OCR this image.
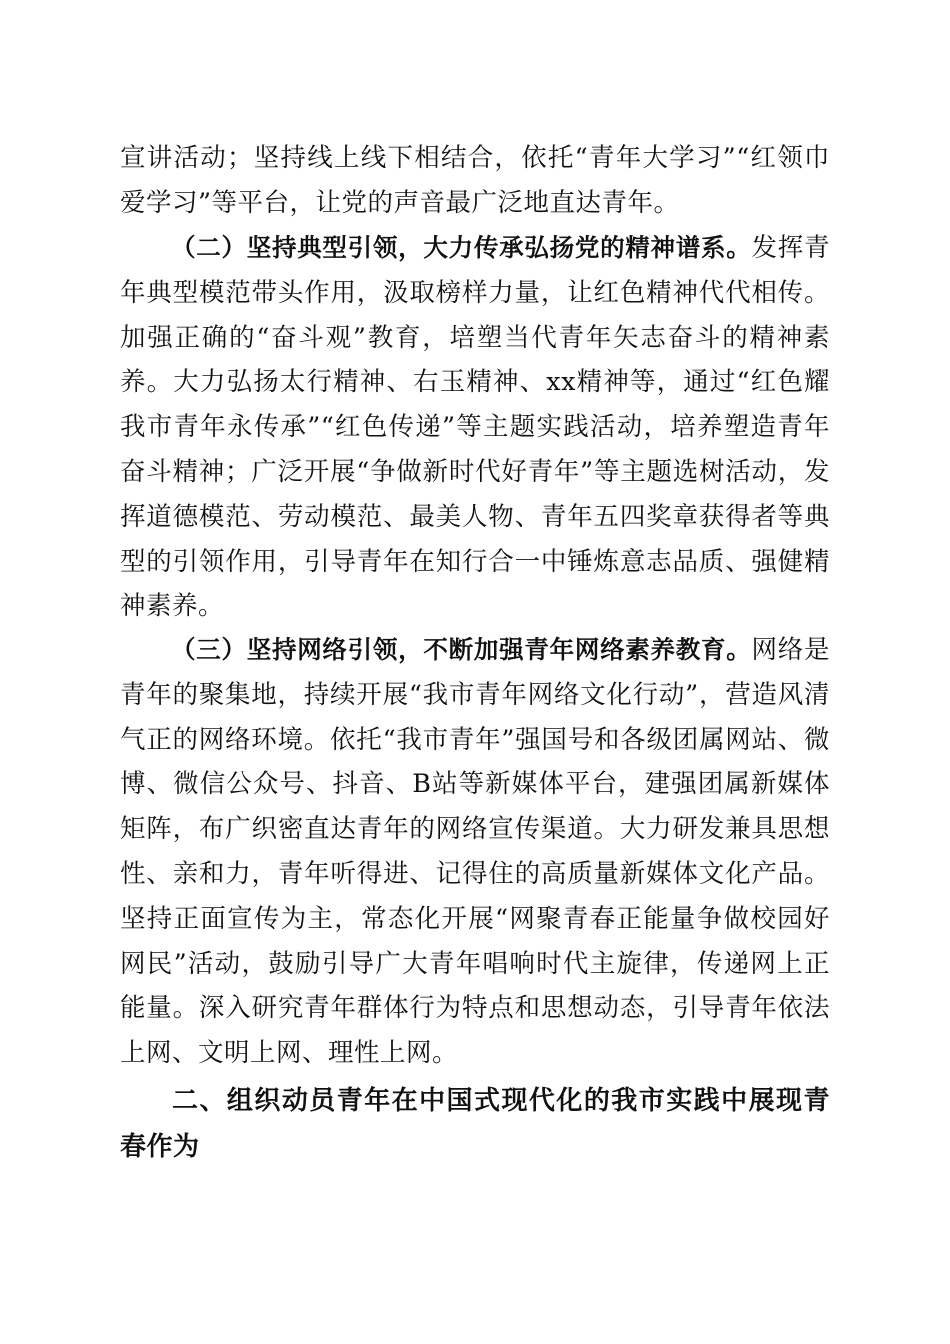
宣讲活动；坚持线上线下相结合，依托“青年大学习”“红领巾爱学习”等平台，让党的声音最广泛地直达青年。

（二）坚持典型引领，大力传承弘扬党的精神谱系。发挥青年典型模范带头作用，汲取榜样力量，让红色精神代代相传。加强正确的“奋斗观”教育，培塑当代青年矢志奋斗的精神素养。大力弘扬太行精神、右玉精神、xx精神等，通过“红色耀我市青年永传承”“红色传递”等主题实践活动，培养塑造青年奋斗精神；广泛开展“争做新时代好青年”等主题选树活动，发挥道德模范、劳动模范、最美人物、青年五四奖章获得者等典型的引领作用，引导青年在知行合一中锤炼意志品质、强健精神素养。

（三）坚持网络引领，不断加强青年网络素养教育。网络是青年的聚集地，持续开展“我市青年网络文化行动”，营造风清气正的网络环境。依托“我市青年”强国号和各级团属网站、微博、微信公众号、抖音、B站等新媒体平台，建强团属新媒体矩阵，布广织密直达青年的网络宣传渠道。大力研发兼具思想性、亲和力，青年听得进、记得住的高质量新媒体文化产品。坚持正面宣传为主，常态化开展“网聚青春正能量争做校园好网民”活动，鼓励引导广大青年唱响时代主旋律，传递网上正能量。深入研究青年群体行为特点和思想动态，引导青年依法上网、文明上网、理性上网。

二、组织动员青年在中国式现代化的我市实践中展现青春作为
